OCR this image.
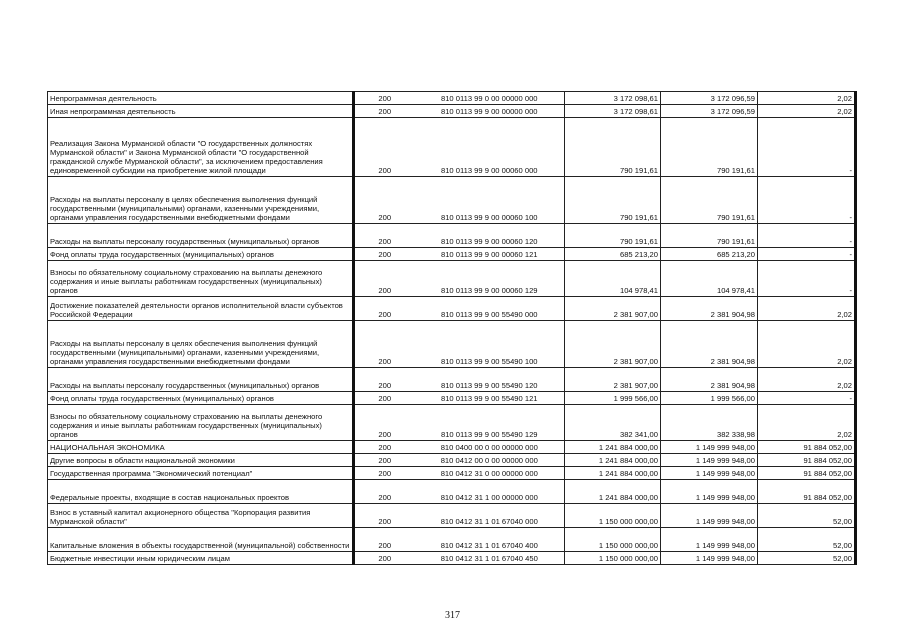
Непрограммная деятельность	200	810 0113 99 0 00 00000 000	3 172 098,61	3 172 096,59	2,02
Иная непрограммная деятельность	200	810 0113 99 9 00 00000 000	3 172 098,61	3 172 096,59	2,02
Реализация Закона Мурманской области "О государственных должностях Мурманской области" и Закона Мурманской области "О государственной гражданской службе Мурманской области", за исключением предоставления единовременной субсидии на приобретение жилой площади	200	810 0113 99 9 00 00060 000	790 191,61	790 191,61	-
Расходы на выплаты персоналу в целях обеспечения выполнения функций государственными (муниципальными) органами, казенными учреждениями, органами управления государственными внебюджетными фондами	200	810 0113 99 9 00 00060 100	790 191,61	790 191,61	-
Расходы на выплаты персоналу государственных (муниципальных) органов	200	810 0113 99 9 00 00060 120	790 191,61	790 191,61	-
Фонд оплаты труда государственных (муниципальных) органов	200	810 0113 99 9 00 00060 121	685 213,20	685 213,20	-
Взносы по обязательному социальному страхованию на выплаты денежного содержания и иные выплаты работникам государственных (муниципальных) органов	200	810 0113 99 9 00 00060 129	104 978,41	104 978,41	-
Достижение показателей деятельности органов исполнительной власти субъектов Российской Федерации	200	810 0113 99 9 00 55490 000	2 381 907,00	2 381 904,98	2,02
Расходы на выплаты персоналу в целях обеспечения выполнения функций государственными (муниципальными) органами, казенными учреждениями, органами управления государственными внебюджетными фондами	200	810 0113 99 9 00 55490 100	2 381 907,00	2 381 904,98	2,02
Расходы на выплаты персоналу государственных (муниципальных) органов	200	810 0113 99 9 00 55490 120	2 381 907,00	2 381 904,98	2,02
Фонд оплаты труда государственных (муниципальных) органов	200	810 0113 99 9 00 55490 121	1 999 566,00	1 999 566,00	-
Взносы по обязательному социальному страхованию на выплаты денежного содержания и иные выплаты работникам государственных (муниципальных) органов	200	810 0113 99 9 00 55490 129	382 341,00	382 338,98	2,02
НАЦИОНАЛЬНАЯ ЭКОНОМИКА	200	810 0400 00 0 00 00000 000	1 241 884 000,00	1 149 999 948,00	91 884 052,00
Другие вопросы в области национальной экономики	200	810 0412 00 0 00 00000 000	1 241 884 000,00	1 149 999 948,00	91 884 052,00
Государственная программа "Экономический потенциал"	200	810 0412 31 0 00 00000 000	1 241 884 000,00	1 149 999 948,00	91 884 052,00
Федеральные проекты, входящие в состав национальных проектов	200	810 0412 31 1 00 00000 000	1 241 884 000,00	1 149 999 948,00	91 884 052,00
Взнос в уставный капитал акционерного общества "Корпорация развития Мурманской области"	200	810 0412 31 1 01 67040 000	1 150 000 000,00	1 149 999 948,00	52,00
Капитальные вложения в объекты государственной (муниципальной) собственности	200	810 0412 31 1 01 67040 400	1 150 000 000,00	1 149 999 948,00	52,00
Бюджетные инвестиции иным юридическим лицам	200	810 0412 31 1 01 67040 450	1 150 000 000,00	1 149 999 948,00	52,00
317
